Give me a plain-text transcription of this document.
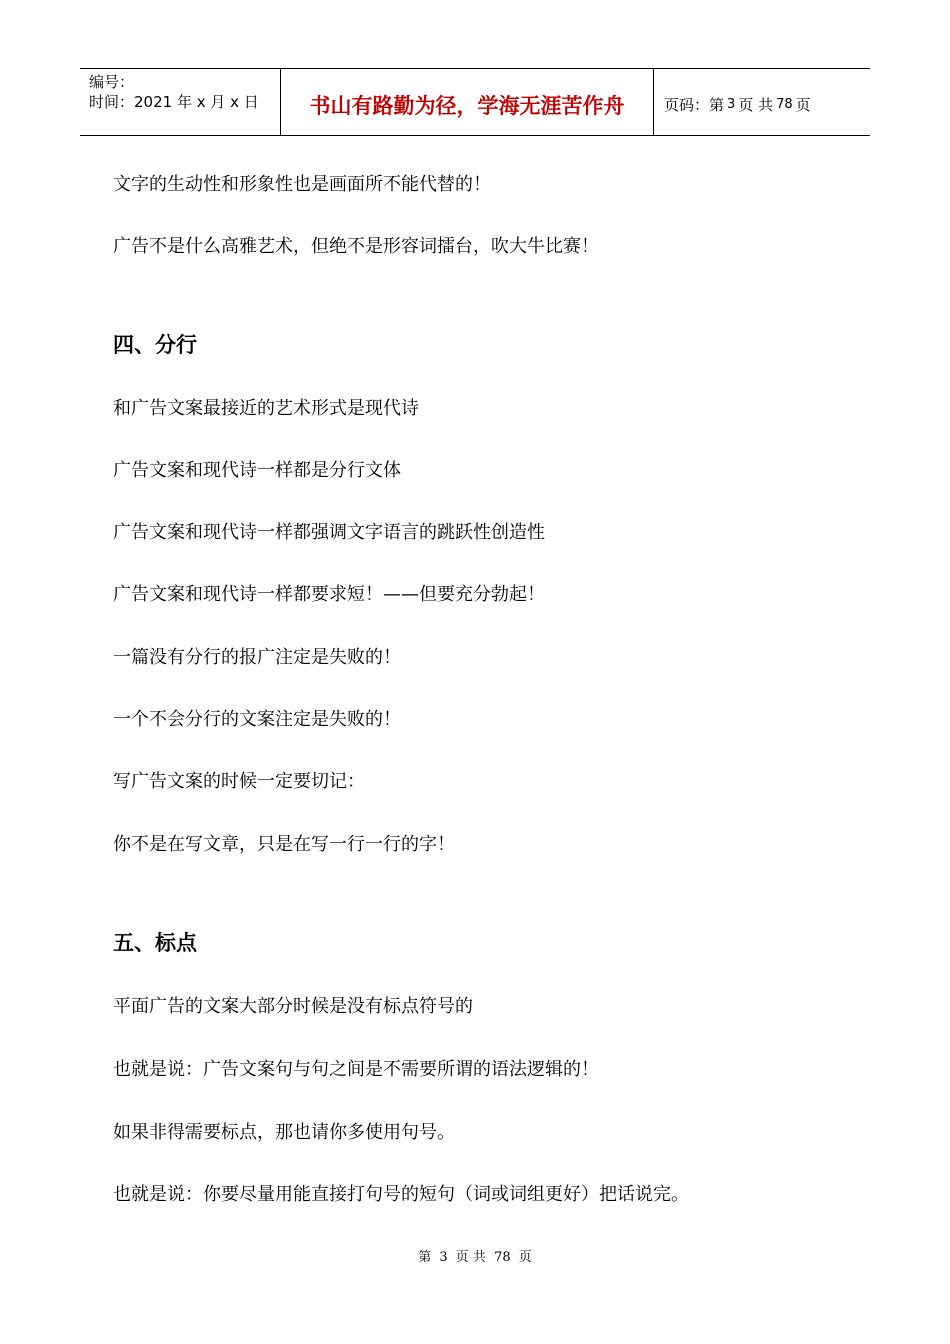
编号：
时间：2021 年 x 月 x 日	书山有路勤为径，学海无涯苦作舟	页码：第 3 页 共 78 页
文字的生动性和形象性也是画面所不能代替的！
广告不是什么高雅艺术，但绝不是形容词擂台，吹大牛比赛！
四、分行
和广告文案最接近的艺术形式是现代诗
广告文案和现代诗一样都是分行文体
广告文案和现代诗一样都强调文字语言的跳跃性创造性
广告文案和现代诗一样都要求短！——但要充分勃起！
一篇没有分行的报广注定是失败的！
一个不会分行的文案注定是失败的！
写广告文案的时候一定要切记：
你不是在写文章，只是在写一行一行的字！
五、标点
平面广告的文案大部分时候是没有标点符号的
也就是说：广告文案句与句之间是不需要所谓的语法逻辑的！
如果非得需要标点，那也请你多使用句号。
也就是说：你要尽量用能直接打句号的短句（词或词组更好）把话说完。
第 3 页 共 78 页
